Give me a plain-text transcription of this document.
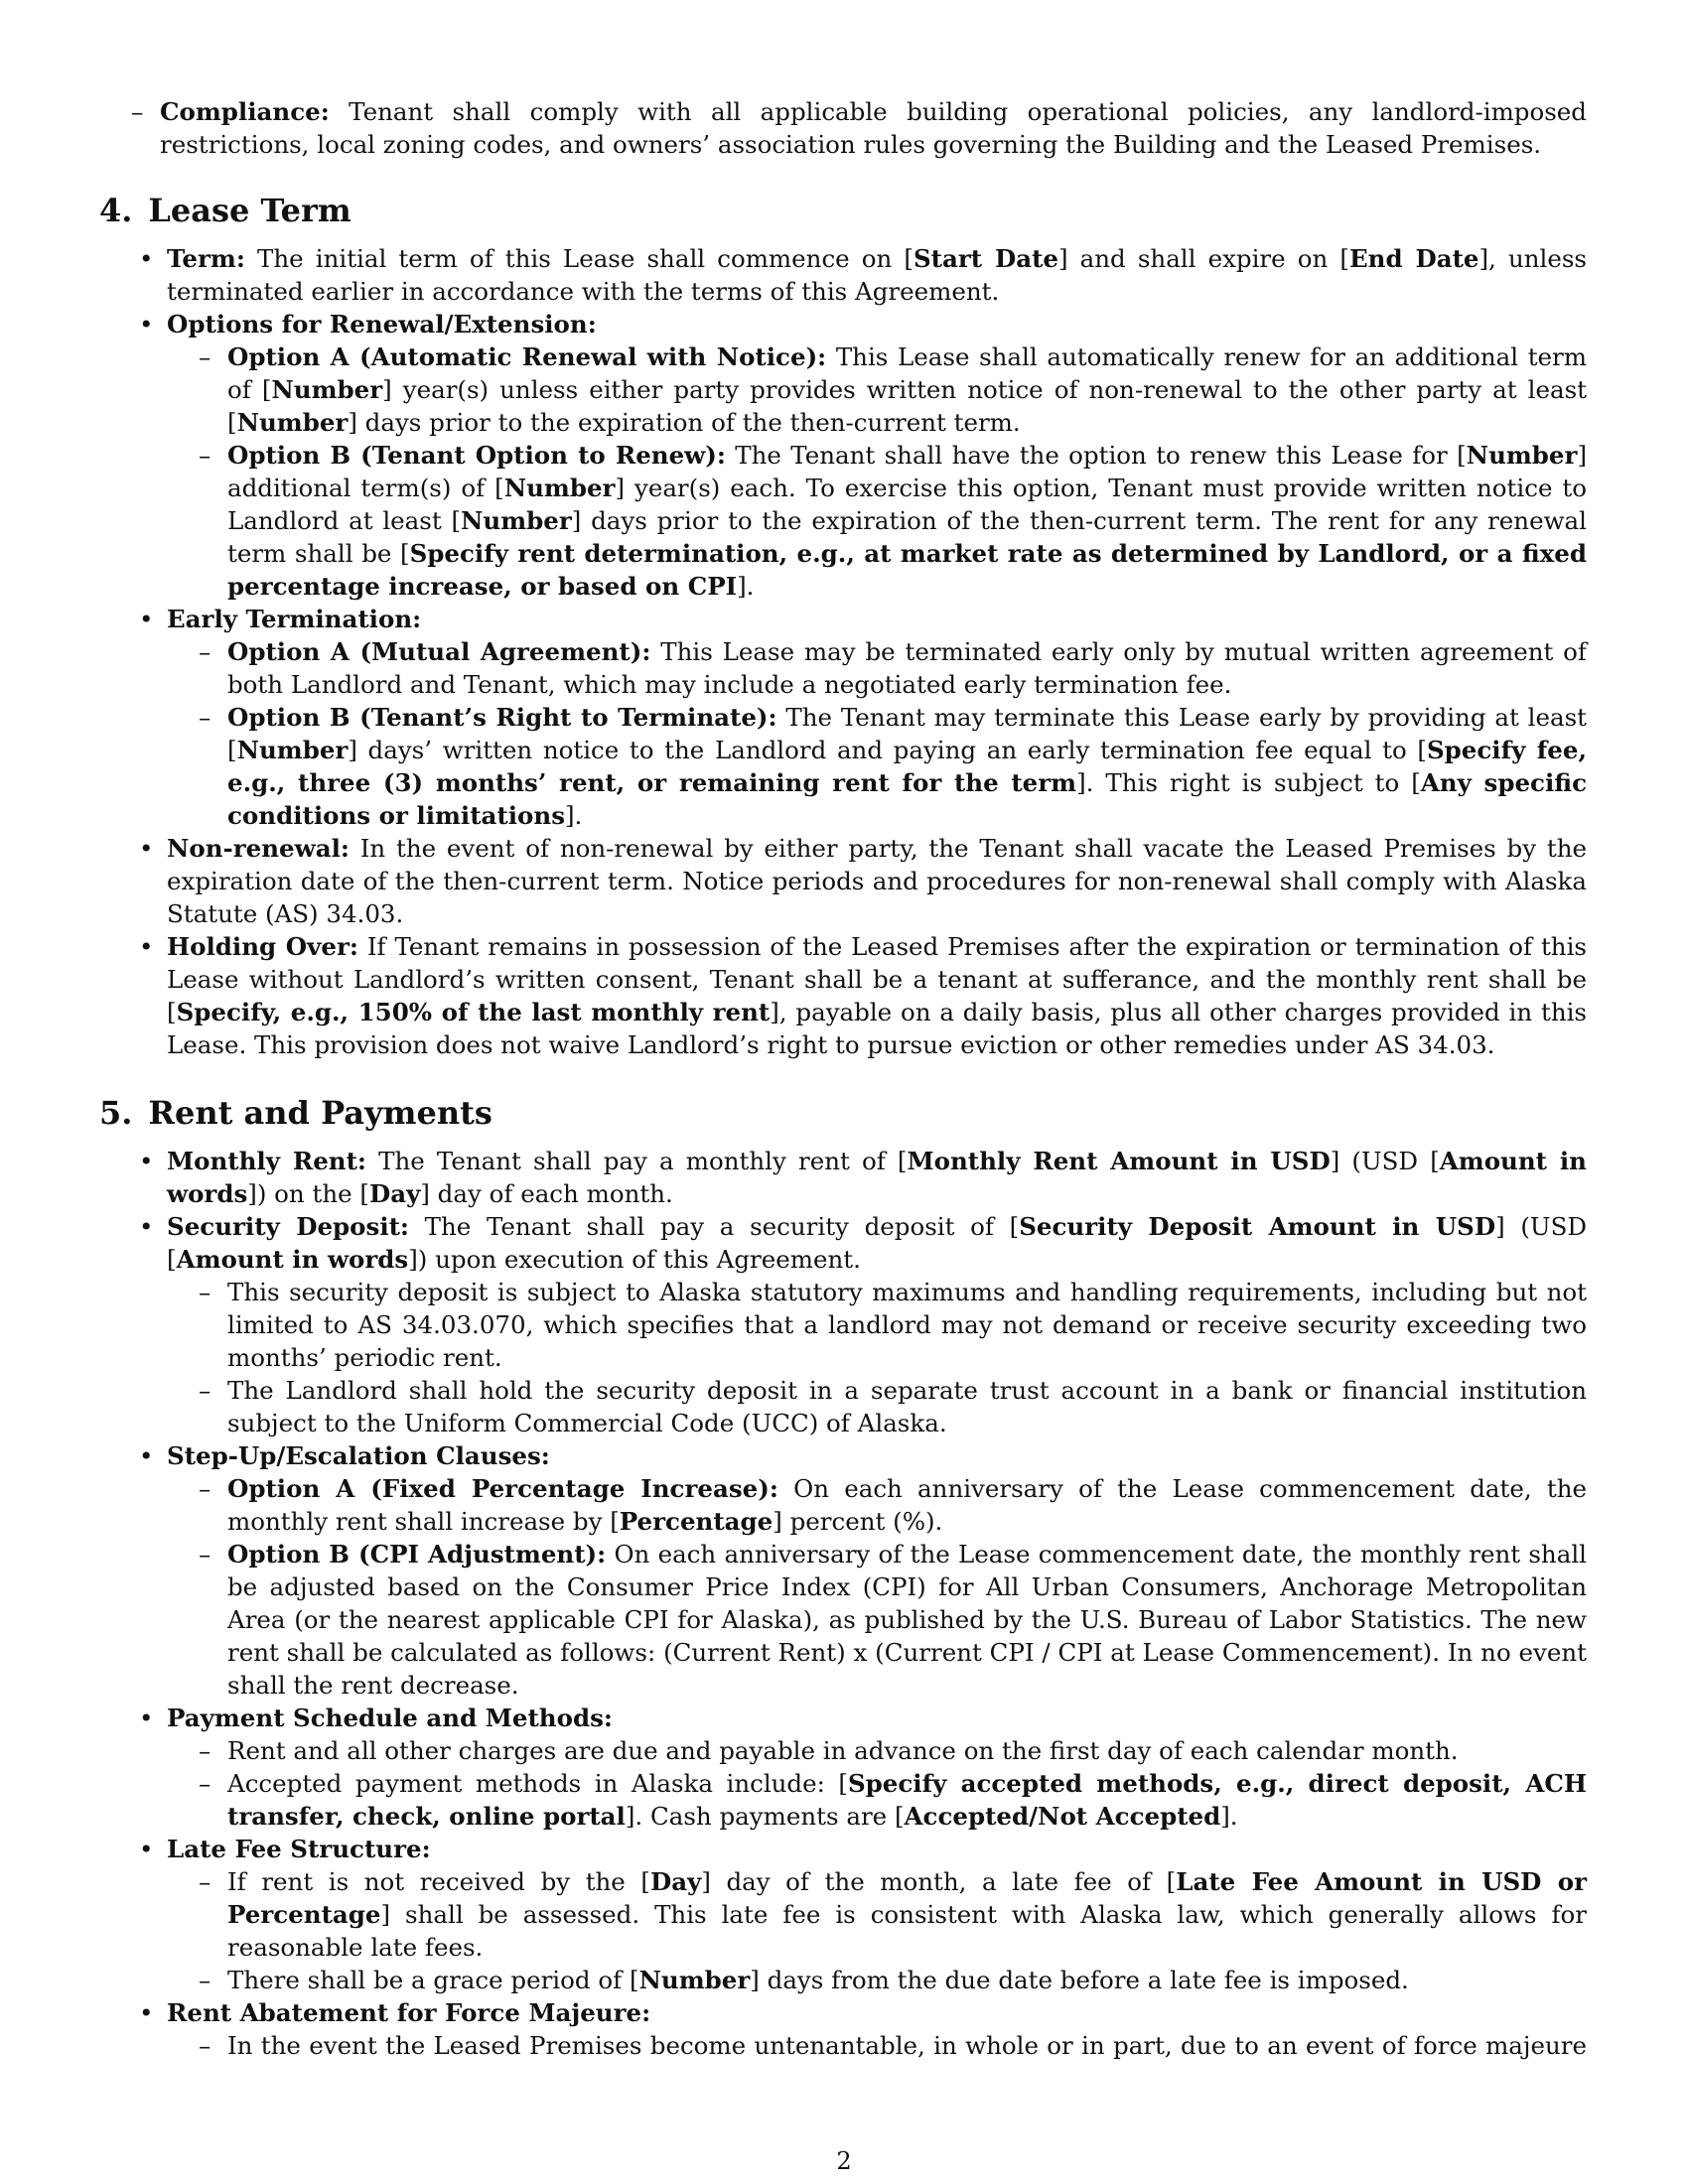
– Compliance: Tenant shall comply with all applicable building operational policies, any landlord-imposed restrictions, local zoning codes, and owners’ association rules governing the Building and the Leased Premises.
4. Lease Term
• Term: The initial term of this Lease shall commence on [Start Date] and shall expire on [End Date], unless terminated earlier in accordance with the terms of this Agreement.
• Options for Renewal/Extension:
– Option A (Automatic Renewal with Notice): This Lease shall automatically renew for an additional term of [Number] year(s) unless either party provides written notice of non-renewal to the other party at least [Number] days prior to the expiration of the then-current term.
– Option B (Tenant Option to Renew): The Tenant shall have the option to renew this Lease for [Number] additional term(s) of [Number] year(s) each. To exercise this option, Tenant must provide written notice to Landlord at least [Number] days prior to the expiration of the then-current term. The rent for any renewal term shall be [Specify rent determination, e.g., at market rate as determined by Landlord, or a fixed percentage increase, or based on CPI].
• Early Termination:
– Option A (Mutual Agreement): This Lease may be terminated early only by mutual written agreement of both Landlord and Tenant, which may include a negotiated early termination fee.
– Option B (Tenant’s Right to Terminate): The Tenant may terminate this Lease early by providing at least [Number] days’ written notice to the Landlord and paying an early termination fee equal to [Specify fee, e.g., three (3) months’ rent, or remaining rent for the term]. This right is subject to [Any specific conditions or limitations].
• Non-renewal: In the event of non-renewal by either party, the Tenant shall vacate the Leased Premises by the expiration date of the then-current term. Notice periods and procedures for non-renewal shall comply with Alaska Statute (AS) 34.03.
• Holding Over: If Tenant remains in possession of the Leased Premises after the expiration or termination of this Lease without Landlord’s written consent, Tenant shall be a tenant at sufferance, and the monthly rent shall be [Specify, e.g., 150% of the last monthly rent], payable on a daily basis, plus all other charges provided in this Lease. This provision does not waive Landlord’s right to pursue eviction or other remedies under AS 34.03.
5. Rent and Payments
• Monthly Rent: The Tenant shall pay a monthly rent of [Monthly Rent Amount in USD] (USD [Amount in words]) on the [Day] day of each month.
• Security Deposit: The Tenant shall pay a security deposit of [Security Deposit Amount in USD] (USD [Amount in words]) upon execution of this Agreement.
– This security deposit is subject to Alaska statutory maximums and handling requirements, including but not limited to AS 34.03.070, which specifies that a landlord may not demand or receive security exceeding two months’ periodic rent.
– The Landlord shall hold the security deposit in a separate trust account in a bank or financial institution subject to the Uniform Commercial Code (UCC) of Alaska.
• Step-Up/Escalation Clauses:
– Option A (Fixed Percentage Increase): On each anniversary of the Lease commencement date, the monthly rent shall increase by [Percentage] percent (%).
– Option B (CPI Adjustment): On each anniversary of the Lease commencement date, the monthly rent shall be adjusted based on the Consumer Price Index (CPI) for All Urban Consumers, Anchorage Metropolitan Area (or the nearest applicable CPI for Alaska), as published by the U.S. Bureau of Labor Statistics. The new rent shall be calculated as follows: (Current Rent) x (Current CPI / CPI at Lease Commencement). In no event shall the rent decrease.
• Payment Schedule and Methods:
– Rent and all other charges are due and payable in advance on the first day of each calendar month.
– Accepted payment methods in Alaska include: [Specify accepted methods, e.g., direct deposit, ACH transfer, check, online portal]. Cash payments are [Accepted/Not Accepted].
• Late Fee Structure:
– If rent is not received by the [Day] day of the month, a late fee of [Late Fee Amount in USD or Percentage] shall be assessed. This late fee is consistent with Alaska law, which generally allows for reasonable late fees.
– There shall be a grace period of [Number] days from the due date before a late fee is imposed.
• Rent Abatement for Force Majeure:
– In the event the Leased Premises become untenantable, in whole or in part, due to an event of force majeure
2
